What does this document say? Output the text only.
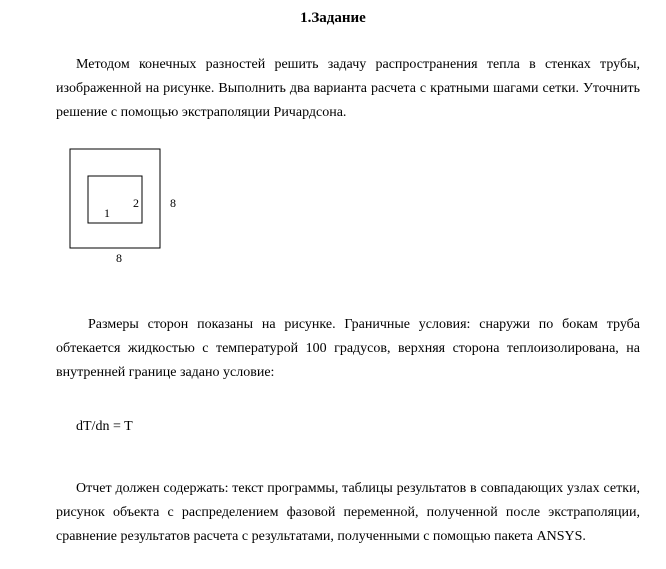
1.Задание

Методом конечных разностей решить задачу распространения тепла в стенках трубы, изображенной на рисунке. Выполнить два варианта расчета с кратными шагами сетки. Уточнить решение с помощью экстраполяции Ричардсона.

1
2	8
8

Размеры сторон показаны на рисунке. Граничные условия: снаружи по бокам труба обтекается жидкостью с температурой 100 градусов, верхняя сторона теплоизолирована, на внутренней границе задано условие:

dT/dn = T

Отчет должен содержать: текст программы, таблицы результатов в совпадающих узлах сетки, рисунок объекта с распределением фазовой переменной, полученной после экстраполяции, сравнение результатов расчета с результатами, полученными с помощью пакета ANSYS.
